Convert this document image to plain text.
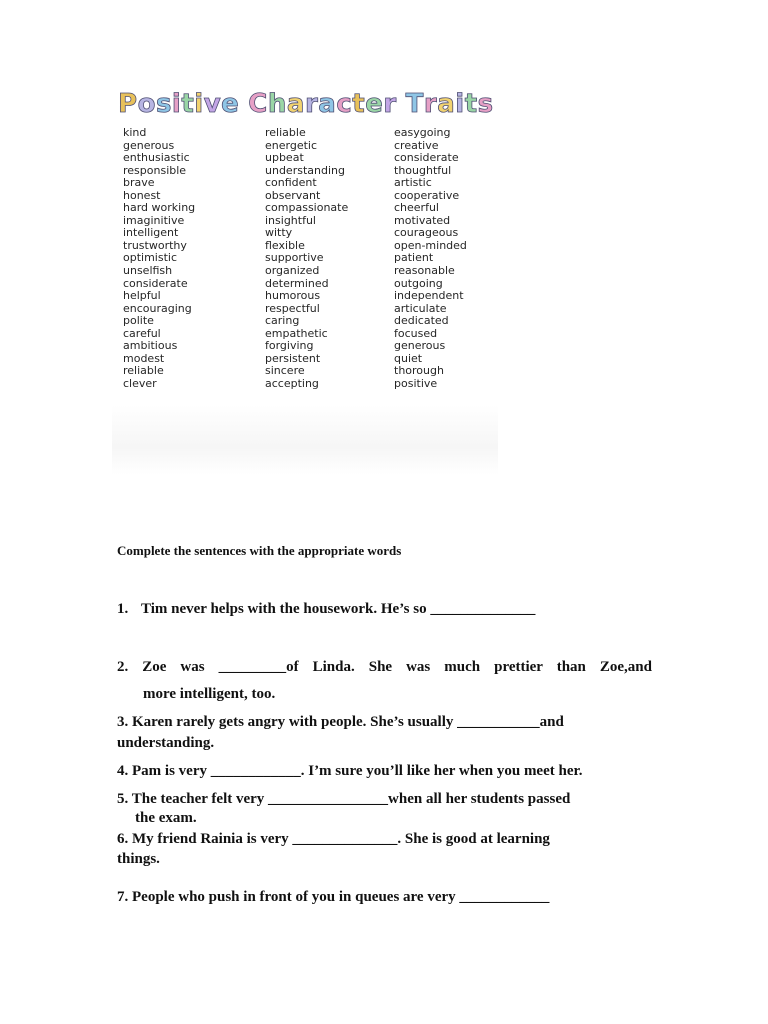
Positive Character Traits
kind
generous
enthusiastic
responsible
brave
honest
hard working
imaginitive
intelligent
trustworthy
optimistic
unselfish
considerate
helpful
encouraging
polite
careful
ambitious
modest
reliable
clever
reliable
energetic
upbeat
understanding
confident
observant
compassionate
insightful
witty
flexible
supportive
organized
determined
humorous
respectful
caring
empathetic
forgiving
persistent
sincere
accepting
easygoing
creative
considerate
thoughtful
artistic
cooperative
cheerful
motivated
courageous
open-minded
patient
reasonable
outgoing
independent
articulate
dedicated
focused
generous
quiet
thorough
positive
Complete the sentences with the appropriate words
1. Tim never helps with the housework. He’s so ______________
2. Zoe was _________of Linda. She was much prettier than Zoe,and
more intelligent, too.
3. Karen rarely gets angry with people. She’s usually ___________and
understanding.
4. Pam is very ____________. I’m sure you’ll like her when you meet her.
5. The teacher felt very ________________when all her students passed
the exam.
6. My friend Rainia is very ______________. She is good at learning
things.
7. People who push in front of you in queues are very ____________
